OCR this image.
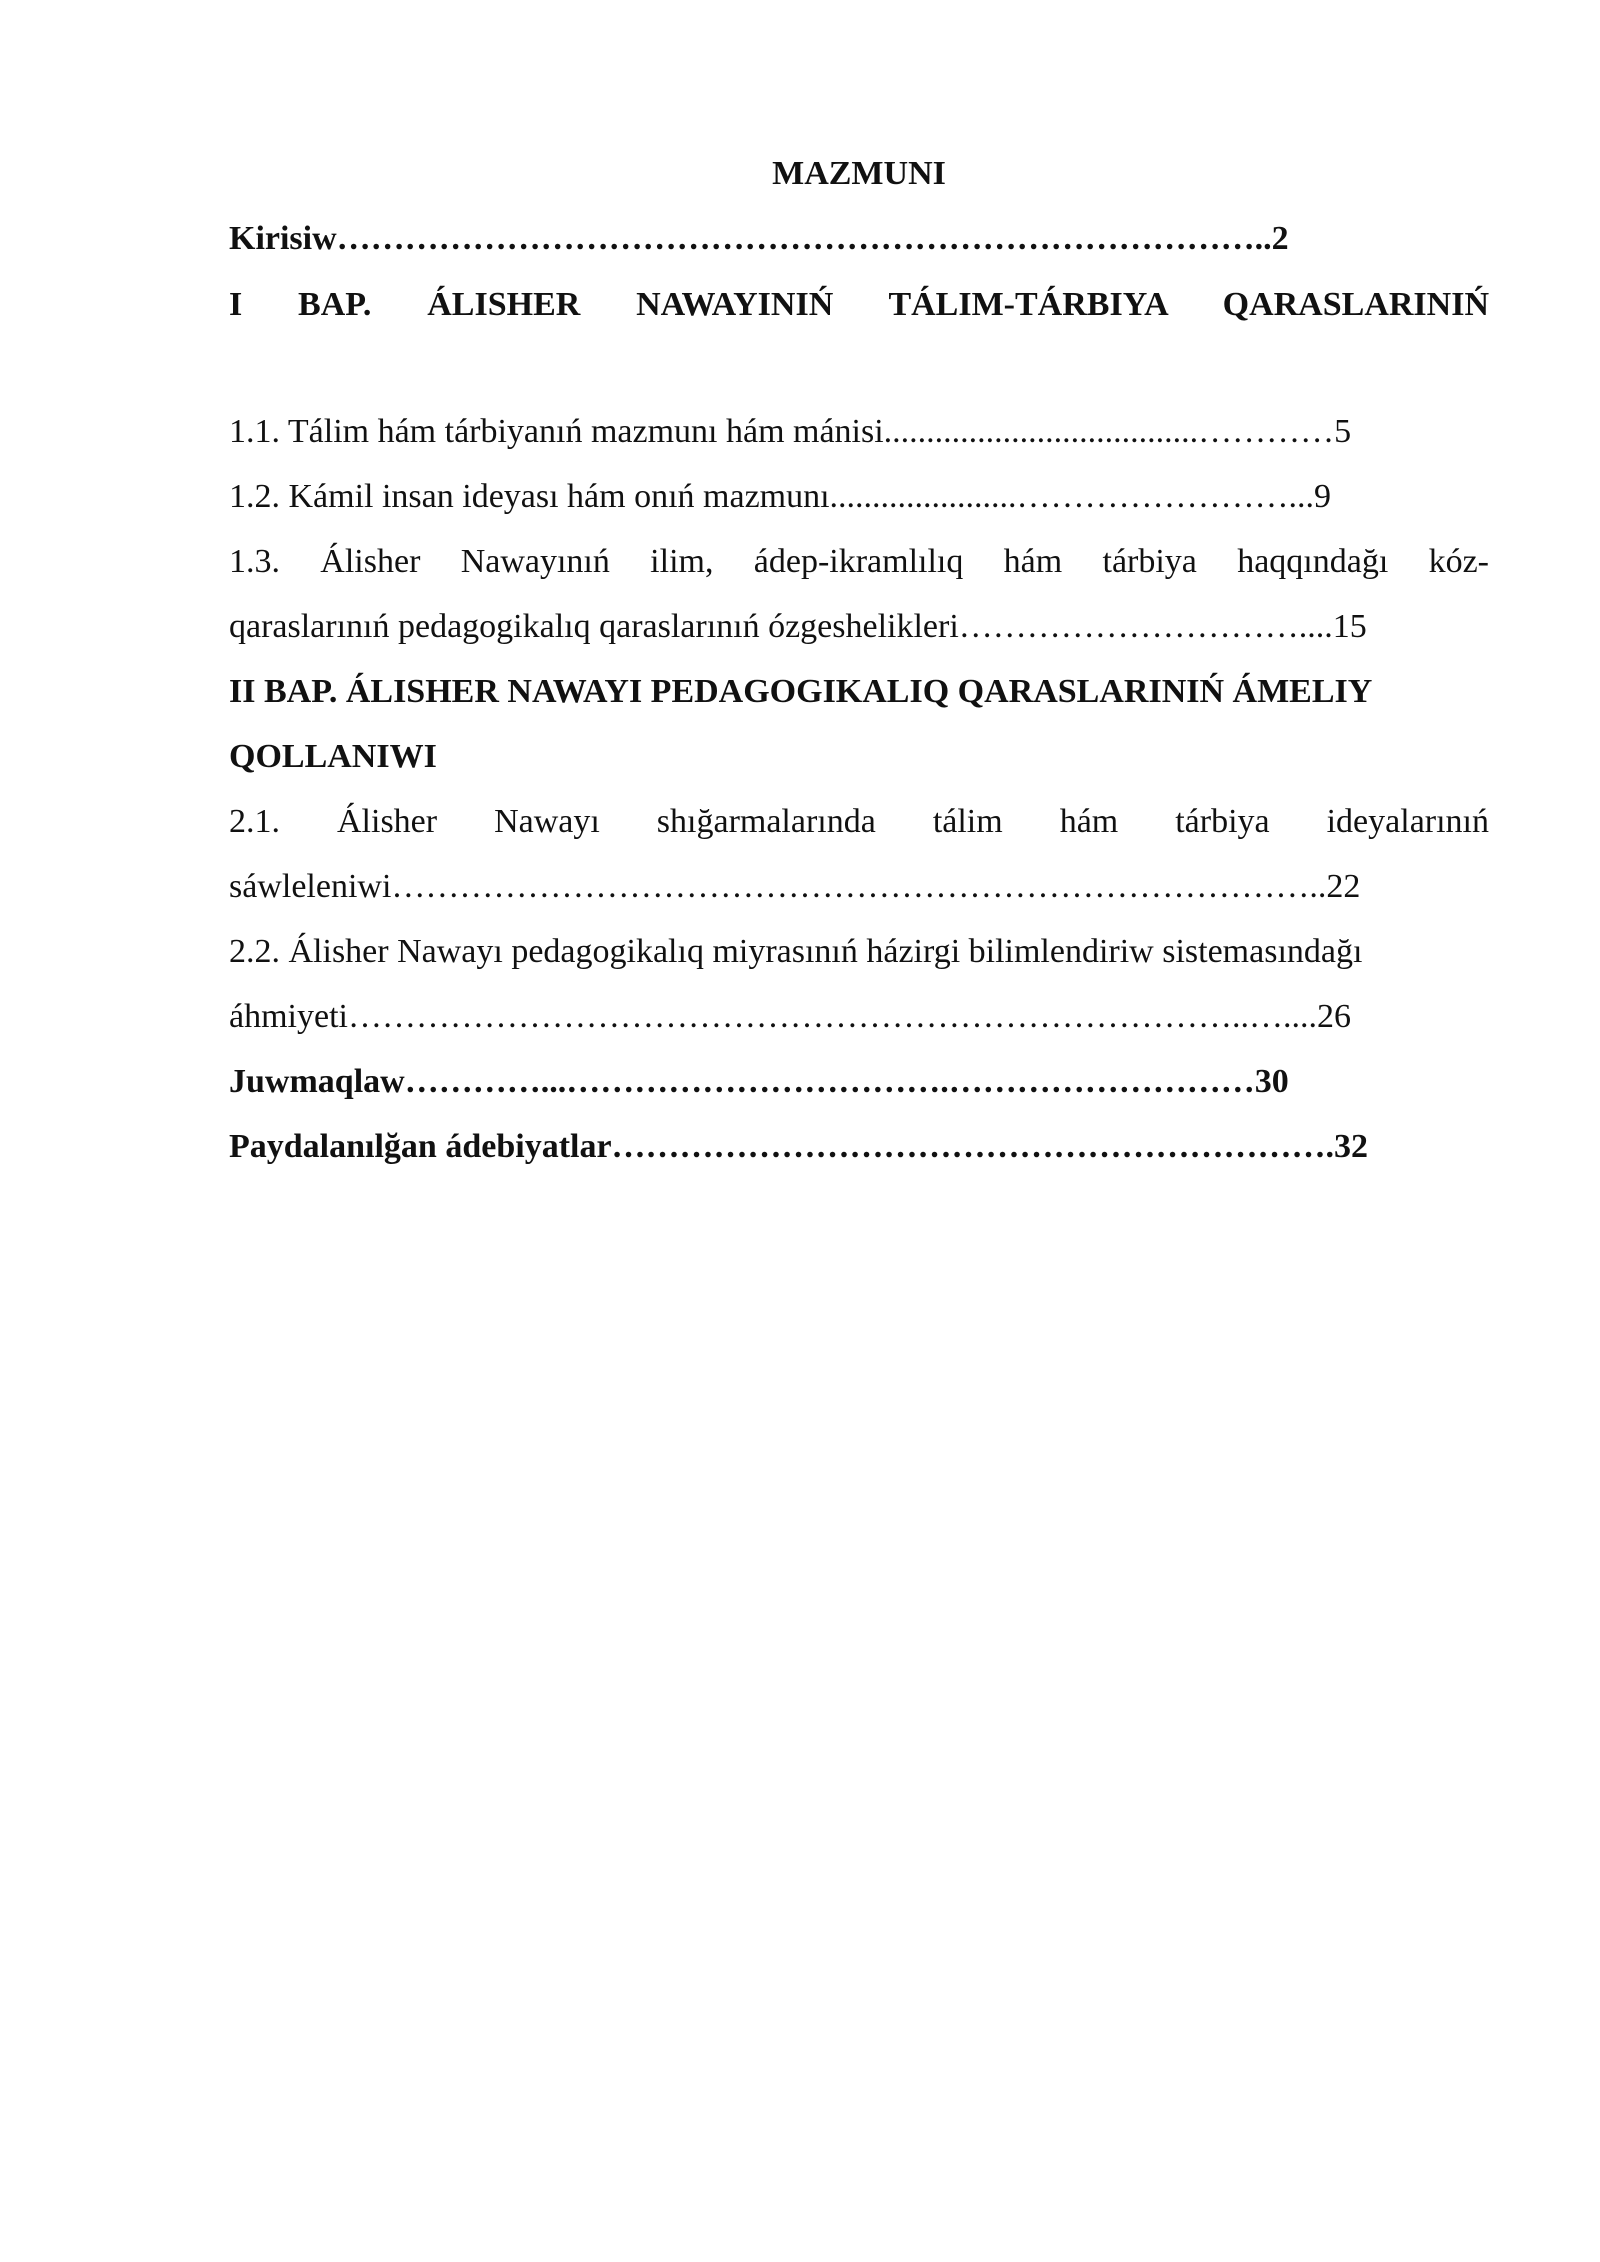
MAZMUNI
Kirisiw………………………………………………………………………..2
I BAP. ÁLISHER NAWAYINIŃ TÁLIM-TÁRBIYA QARASLARINIŃ
1.1. Tálim hám tárbiyanıń mazmunı hám mánisi.....................................…………5
1.2. Kámil insan ideyası hám onıń mazmunı......................……………………...9
1.3. Álisher Nawayınıń ilim, ádep-ikramlılıq hám tárbiya haqqındağı kóz-
qaraslarınıń pedagogikalıq qaraslarınıń ózgeshelikleri…………………………....15
II BAP. ÁLISHER NAWAYI PEDAGOGIKALIQ QARASLARINIŃ ÁMELIY
QOLLANIWI
2.1. Álisher Nawayı shığarmalarında tálim hám tárbiya ideyalarınıń
sáwleleniwi………………………………………………………………………..22
2.2. Álisher Nawayı pedagogikalıq miyrasınıń házirgi bilimlendiriw sistemasındağı
áhmiyeti……………………………………………………………………..…....26
Juwmaqlaw…………...…………………………….………………………30
Paydalanılğan ádebiyatlar……………………………………………………….32
